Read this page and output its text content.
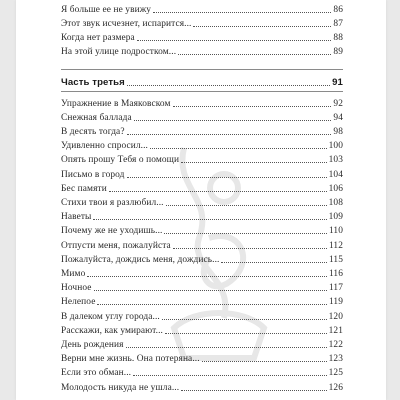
Я больше ее не увижу	86
Этот звук исчезнет, испарится...	87
Когда нет размера	88
На этой улице подростком...	89
Часть третья	91
Упражнение в Маяковском	92
Снежная баллада	94
В десять тогда?	98
Удивленно спросил...	100
Опять прошу Тебя о помощи	103
Письмо в город	104
Бес памяти	106
Стихи твои я разлюбил...	108
Наветы	109
Почему же не уходишь...	110
Отпусти меня, пожалуйста	112
Пожалуйста, дождись меня, дождись...	115
Мимо	116
Ночное	117
Нелепое	119
В далеком углу города...	120
Расскажи, как умирают...	121
День рождения	122
Верни мне жизнь. Она потеряна...	123
Если это обман...	125
Молодость никуда не ушла...	126
